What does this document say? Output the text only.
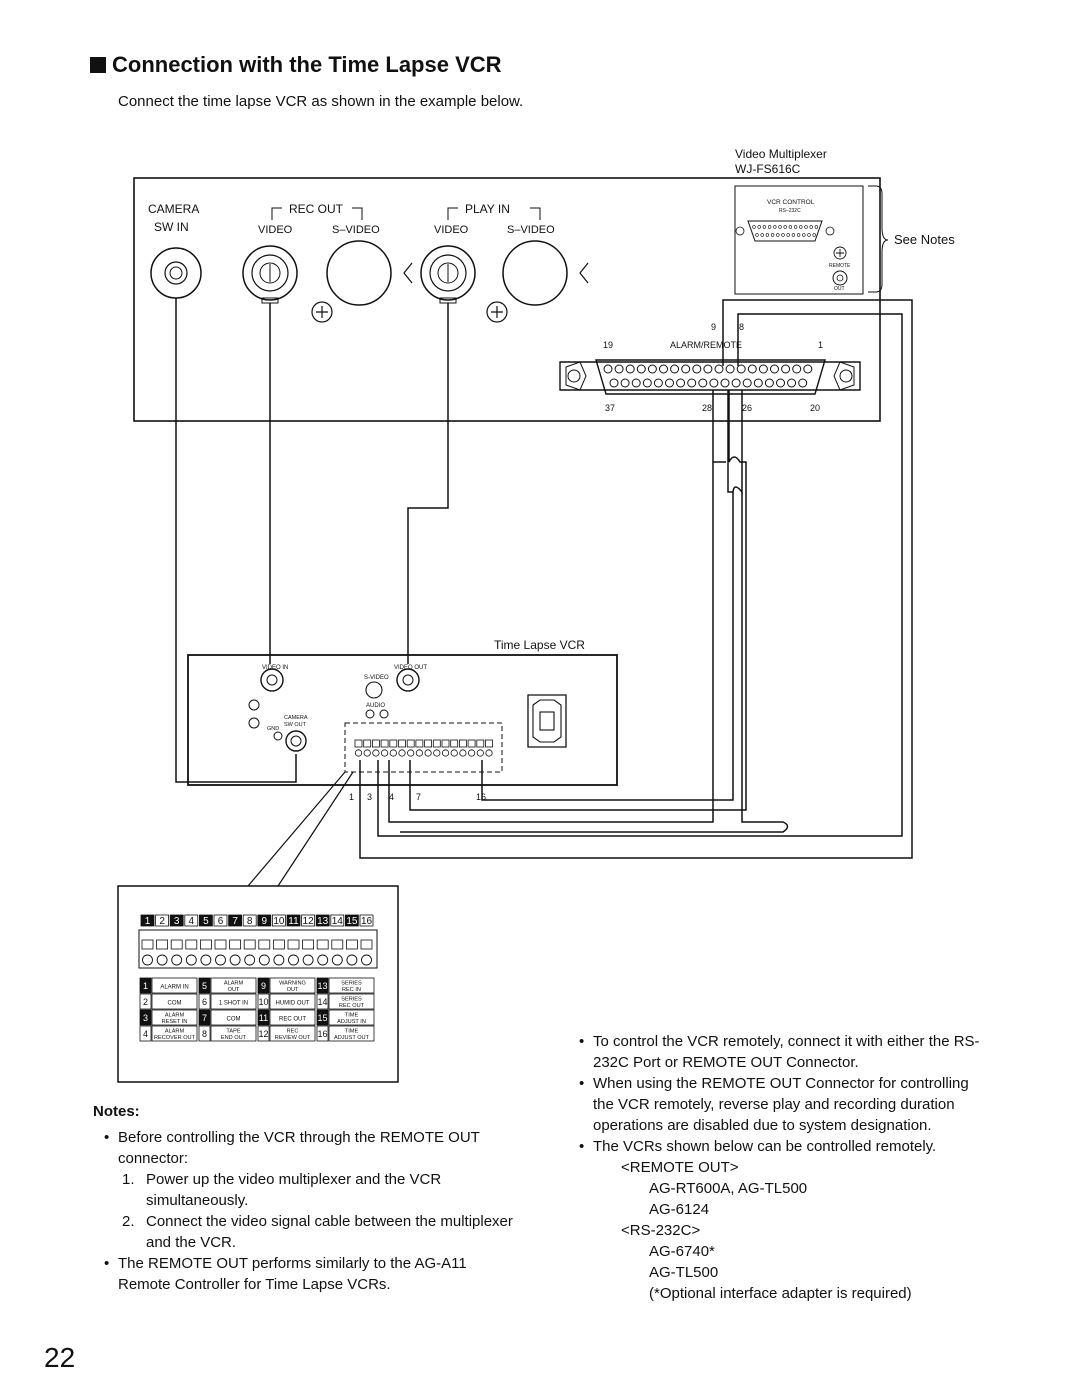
Connection with the Time Lapse VCR
Connect the time lapse VCR as shown in the example below.
Video Multiplexer
WJ-FS616C
CAMERA
SW IN
REC OUT	PLAY IN
VIDEO	S–VIDEO	VIDEO	S–VIDEO
VCR CONTROL
RS–232C
REMOTE
OUT
See Notes
19	ALARM/REMOTE	1
9	8
37	28	26	20
Time Lapse VCR
VIDEO IN	VIDEO OUT
S-VIDEO
AUDIO
CAMERA
SW OUT
GND
1 3 4 7	16
1 2 3 4 5 6 7 8 9 10 11 12 13 14 15 16
1 ALARM IN
2	COM
3	ALARM
RESET IN
4	ALARM
RECOVER OUT
5	ALARM
OUT
6 1 SHOT IN
7	COM
8	TAPE
END OUT
9 WARNING
OUT
10 HUMID OUT
11 REC OUT
12	REC
REVIEW OUT
13 SERIES
REC IN
14 SERIES
REC OUT
15	TIME
ADJUST IN
16	TIME
ADJUST OUT
Notes:
• Before controlling the VCR through the REMOTE OUT connector:
1. Power up the video multiplexer and the VCR simultaneously.
2. Connect the video signal cable between the multiplexer and the VCR.
• The REMOTE OUT performs similarly to the AG-A11 Remote Controller for Time Lapse VCRs.
• To control the VCR remotely, connect it with either the RS-232C Port or REMOTE OUT Connector.
• When using the REMOTE OUT Connector for controlling the VCR remotely, reverse play and recording duration operations are disabled due to system designation.
• The VCRs shown below can be controlled remotely.
<REMOTE OUT>
AG-RT600A, AG-TL500
AG-6124
<RS-232C>
AG-6740*
AG-TL500
(*Optional interface adapter is required)
22
